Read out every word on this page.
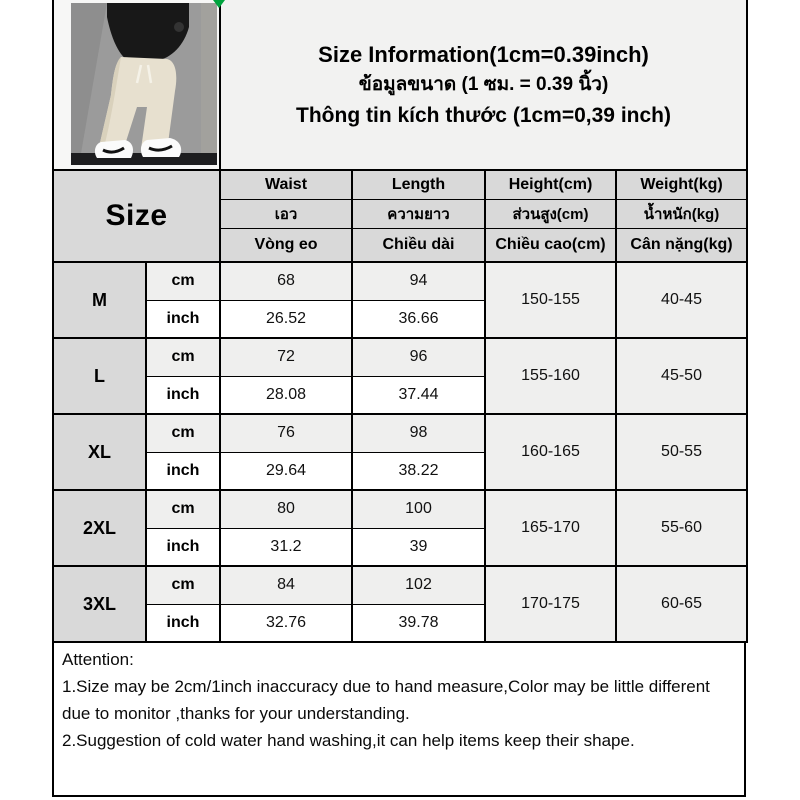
Size Information(1cm=0.39inch)
ข้อมูลขนาด (1 ซม. = 0.39 นิ้ว)
Thông tin kích thước (1cm=0,39 inch)			

Size		Waist	Length	Height(cm)	Weight(kg)
		เอว	ความยาว	ส่วนสูง(cm)	น้ำหนัก(kg)
		Vòng eo	Chiều dài	Chiều cao(cm)	Cân nặng(kg)
M	cm	68	94	150-155	40-45
	inch	26.52	36.66		
L	cm	72	96	155-160	45-50
	inch	28.08	37.44		
XL	cm	76	98	160-165	50-55
	inch	29.64	38.22		
2XL	cm	80	100	165-170	55-60
	inch	31.2	39		
3XL	cm	84	102	170-175	60-65
	inch	32.76	39.78		
Attention:
1.Size may be 2cm/1inch inaccuracy due to hand measure,Color may be little different due to monitor ,thanks for your understanding.
2.Suggestion of cold water hand washing,it can help items keep their shape.
